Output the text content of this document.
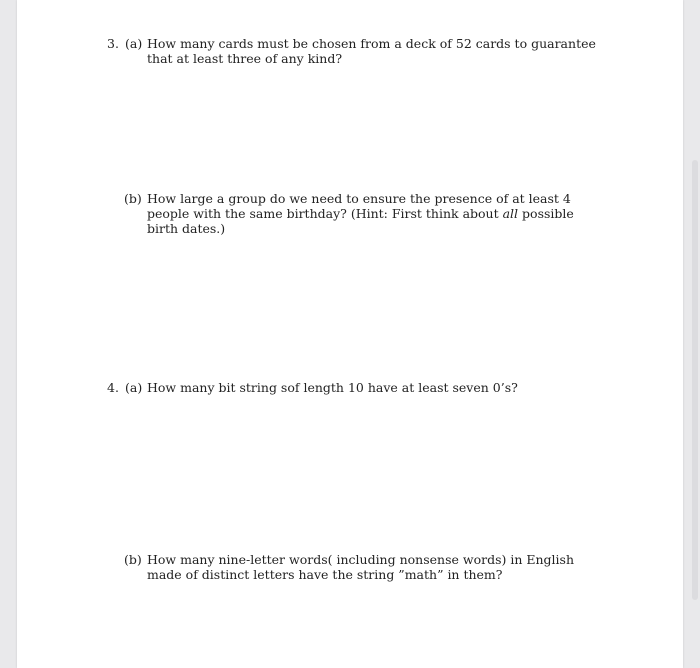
3. (a) How many cards must be chosen from a deck of 52 cards to guarantee that at least three of any kind?
(b) How large a group do we need to ensure the presence of at least 4 people with the same birthday? (Hint: First think about all possible birth dates.)
4. (a) How many bit string sof length 10 have at least seven 0’s?
(b) How many nine-letter words( including nonsense words) in English made of distinct letters have the string ”math” in them?
